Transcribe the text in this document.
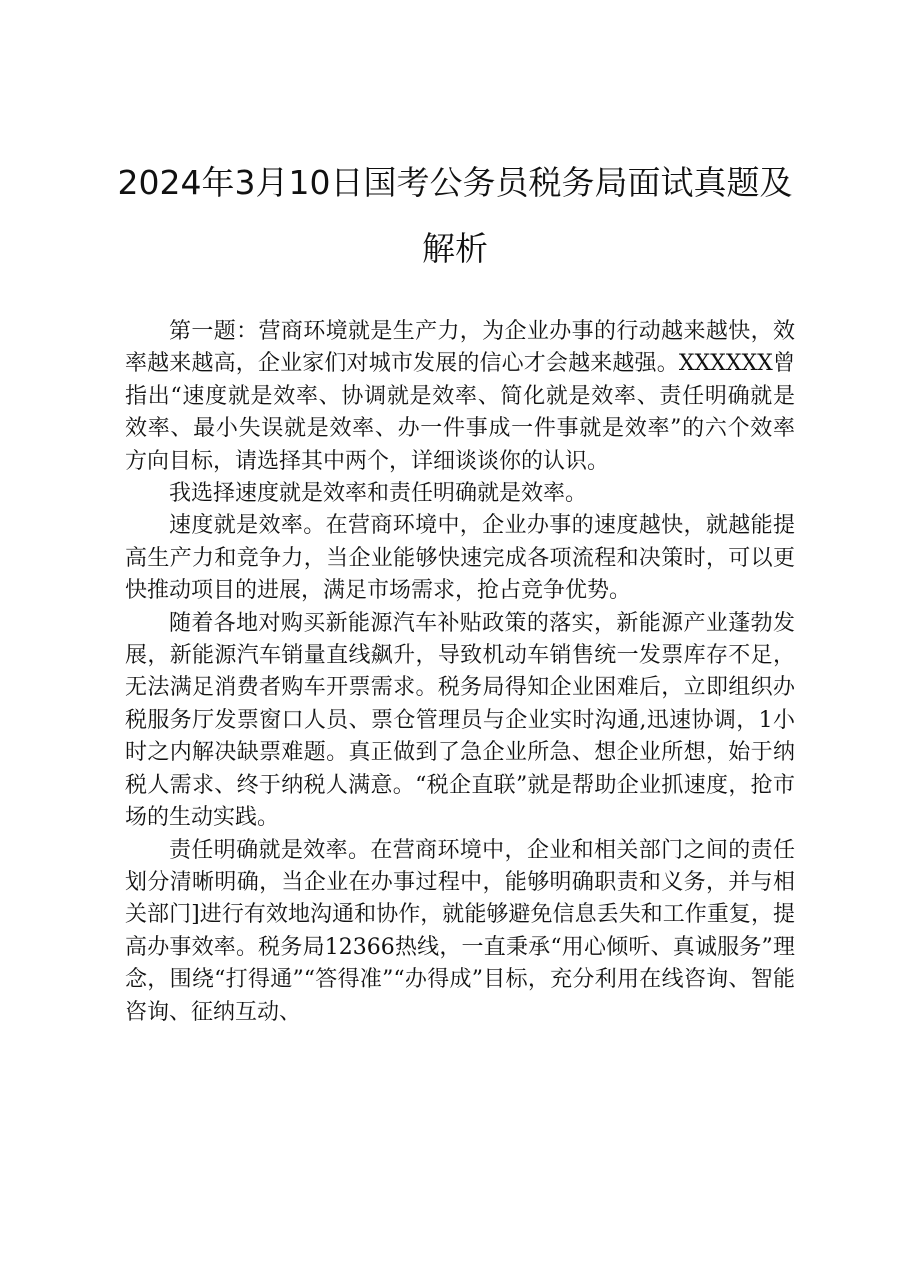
2024年3月10日国考公务员税务局面试真题及解析

第一题：营商环境就是生产力，为企业办事的行动越来越快，效率越来越高，企业家们对城市发展的信心才会越来越强。XXXXXX曾指出“速度就是效率、协调就是效率、简化就是效率、责任明确就是效率、最小失误就是效率、办一件事成一件事就是效率”的六个效率方向目标，请选择其中两个，详细谈谈你的认识。

我选择速度就是效率和责任明确就是效率。

速度就是效率。在营商环境中，企业办事的速度越快，就越能提高生产力和竞争力，当企业能够快速完成各项流程和决策时，可以更快推动项目的进展，满足市场需求，抢占竞争优势。

随着各地对购买新能源汽车补贴政策的落实，新能源产业蓬勃发展，新能源汽车销量直线飙升，导致机动车销售统一发票库存不足，无法满足消费者购车开票需求。税务局得知企业困难后，立即组织办税服务厅发票窗口人员、票仓管理员与企业实时沟通,迅速协调，1小时之内解决缺票难题。真正做到了急企业所急、想企业所想，始于纳税人需求、终于纳税人满意。“税企直联”就是帮助企业抓速度，抢市场的生动实践。

责任明确就是效率。在营商环境中，企业和相关部门之间的责任划分清晰明确，当企业在办事过程中，能够明确职责和义务，并与相关部门]进行有效地沟通和协作，就能够避免信息丢失和工作重复，提高办事效率。税务局12366热线，一直秉承“用心倾听、真诚服务”理念，围绕“打得通”“答得准”“办得成”目标，充分利用在线咨询、智能咨询、征纳互动、
